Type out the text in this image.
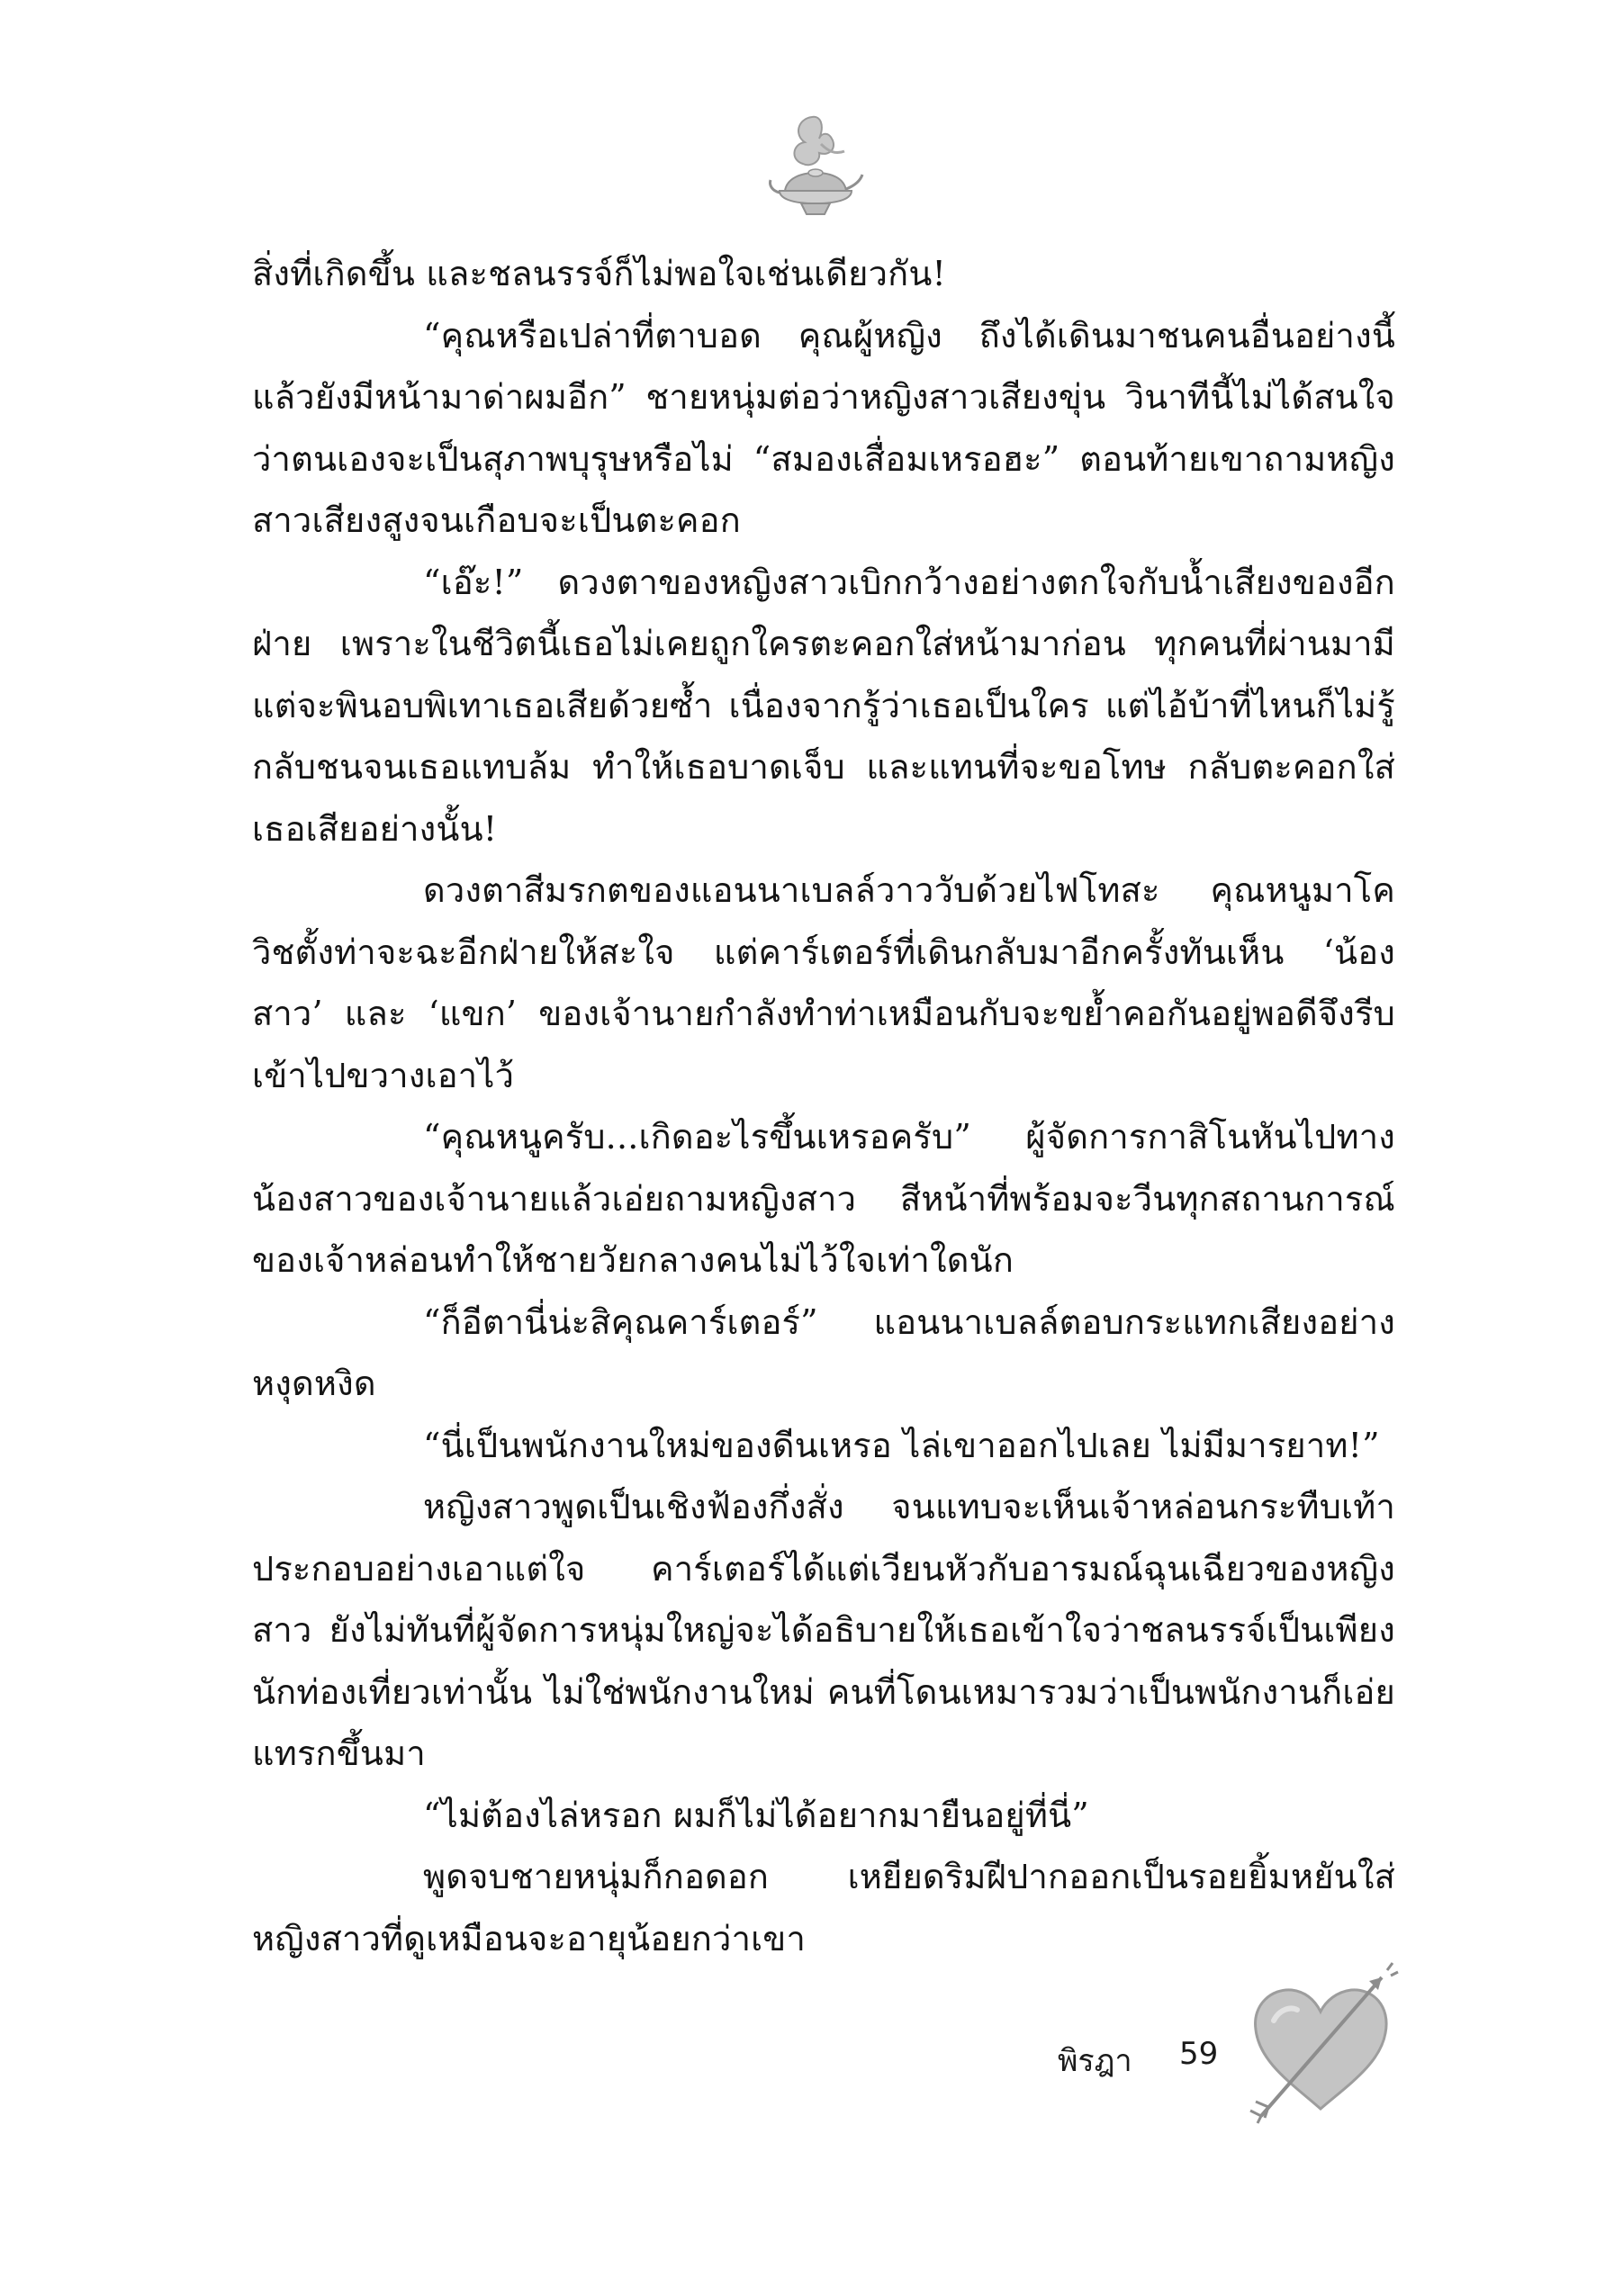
สิ่งที่เกิดขึ้น และชลนรรจ์ก็ไม่พอใจเช่นเดียวกัน!

“คุณหรือเปล่าที่ตาบอด คุณผู้หญิง ถึงได้เดินมาชนคนอื่นอย่างนี้ แล้วยังมีหน้ามาด่าผมอีก” ชายหนุ่มต่อว่าหญิงสาวเสียงขุ่น วินาทีนี้ไม่ได้สนใจว่าตนเองจะเป็นสุภาพบุรุษหรือไม่ “สมองเสื่อมเหรอฮะ” ตอนท้ายเขาถามหญิงสาวเสียงสูงจนเกือบจะเป็นตะคอก

“เอ๊ะ!” ดวงตาของหญิงสาวเบิกกว้างอย่างตกใจกับน้ำเสียงของอีกฝ่าย เพราะในชีวิตนี้เธอไม่เคยถูกใครตะคอกใส่หน้ามาก่อน ทุกคนที่ผ่านมามีแต่จะพินอบพิเทาเธอเสียด้วยซ้ำ เนื่องจากรู้ว่าเธอเป็นใคร แต่ไอ้บ้าที่ไหนก็ไม่รู้กลับชนจนเธอแทบล้ม ทำให้เธอบาดเจ็บ และแทนที่จะขอโทษ กลับตะคอกใส่เธอเสียอย่างนั้น!

ดวงตาสีมรกตของแอนนาเบลล์วาววับด้วยไฟโทสะ คุณหนูมาโควิชตั้งท่าจะฉะอีกฝ่ายให้สะใจ แต่คาร์เตอร์ที่เดินกลับมาอีกครั้งทันเห็น ‘น้องสาว’ และ ‘แขก’ ของเจ้านายกำลังทำท่าเหมือนกับจะขย้ำคอกันอยู่พอดีจึงรีบเข้าไปขวางเอาไว้

“คุณหนูครับ...เกิดอะไรขึ้นเหรอครับ” ผู้จัดการกาสิโนหันไปทางน้องสาวของเจ้านายแล้วเอ่ยถามหญิงสาว สีหน้าที่พร้อมจะวีนทุกสถานการณ์ของเจ้าหล่อนทำให้ชายวัยกลางคนไม่ไว้ใจเท่าใดนัก

“ก็อีตานี่น่ะสิคุณคาร์เตอร์” แอนนาเบลล์ตอบกระแทกเสียงอย่างหงุดหงิด

“นี่เป็นพนักงานใหม่ของดีนเหรอ ไล่เขาออกไปเลย ไม่มีมารยาท!”

หญิงสาวพูดเป็นเชิงฟ้องกึ่งสั่ง จนแทบจะเห็นเจ้าหล่อนกระทืบเท้าประกอบอย่างเอาแต่ใจ คาร์เตอร์ได้แต่เวียนหัวกับอารมณ์ฉุนเฉียวของหญิงสาว ยังไม่ทันที่ผู้จัดการหนุ่มใหญ่จะได้อธิบายให้เธอเข้าใจว่าชลนรรจ์เป็นเพียงนักท่องเที่ยวเท่านั้น ไม่ใช่พนักงานใหม่ คนที่โดนเหมารวมว่าเป็นพนักงานก็เอ่ยแทรกขึ้นมา

“ไม่ต้องไล่หรอก ผมก็ไม่ได้อยากมายืนอยู่ที่นี่”

พูดจบชายหนุ่มก็กอดอก เหยียดริมฝีปากออกเป็นรอยยิ้มหยันใส่หญิงสาวที่ดูเหมือนจะอายุน้อยกว่าเขา

พิรฎา 59
